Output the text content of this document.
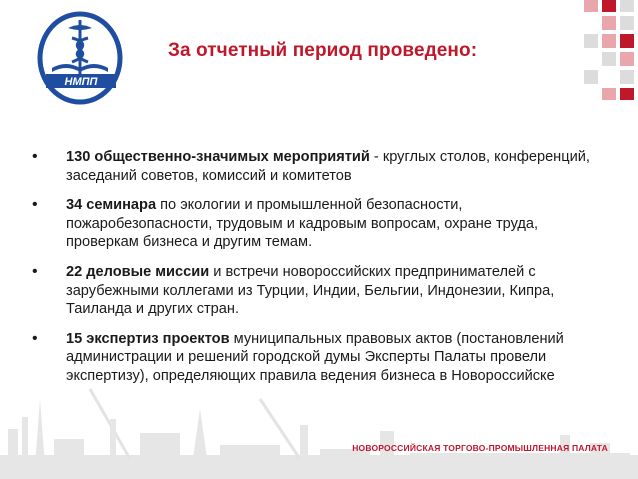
НМПП
За отчетный период проведено:
• 130 общественно-значимых мероприятий - круглых столов, конференций, заседаний советов, комиссий и комитетов
• 34 семинара по экологии и промышленной безопасности, пожаробезопасности, трудовым и кадровым вопросам, охране труда, проверкам бизнеса и другим темам.
• 22 деловые миссии и встречи новороссийских предпринимателей с зарубежными коллегами из Турции, Индии, Бельгии, Индонезии, Кипра, Таиланда и других стран.
• 15 экспертиз проектов муниципальных правовых актов (постановлений администрации и решений городской думы Эксперты Палаты провели экспертизу), определяющих правила ведения бизнеса в Новороссийске
НОВОРОССИЙСКАЯ ТОРГОВО-ПРОМЫШЛЕННАЯ ПАЛАТА
